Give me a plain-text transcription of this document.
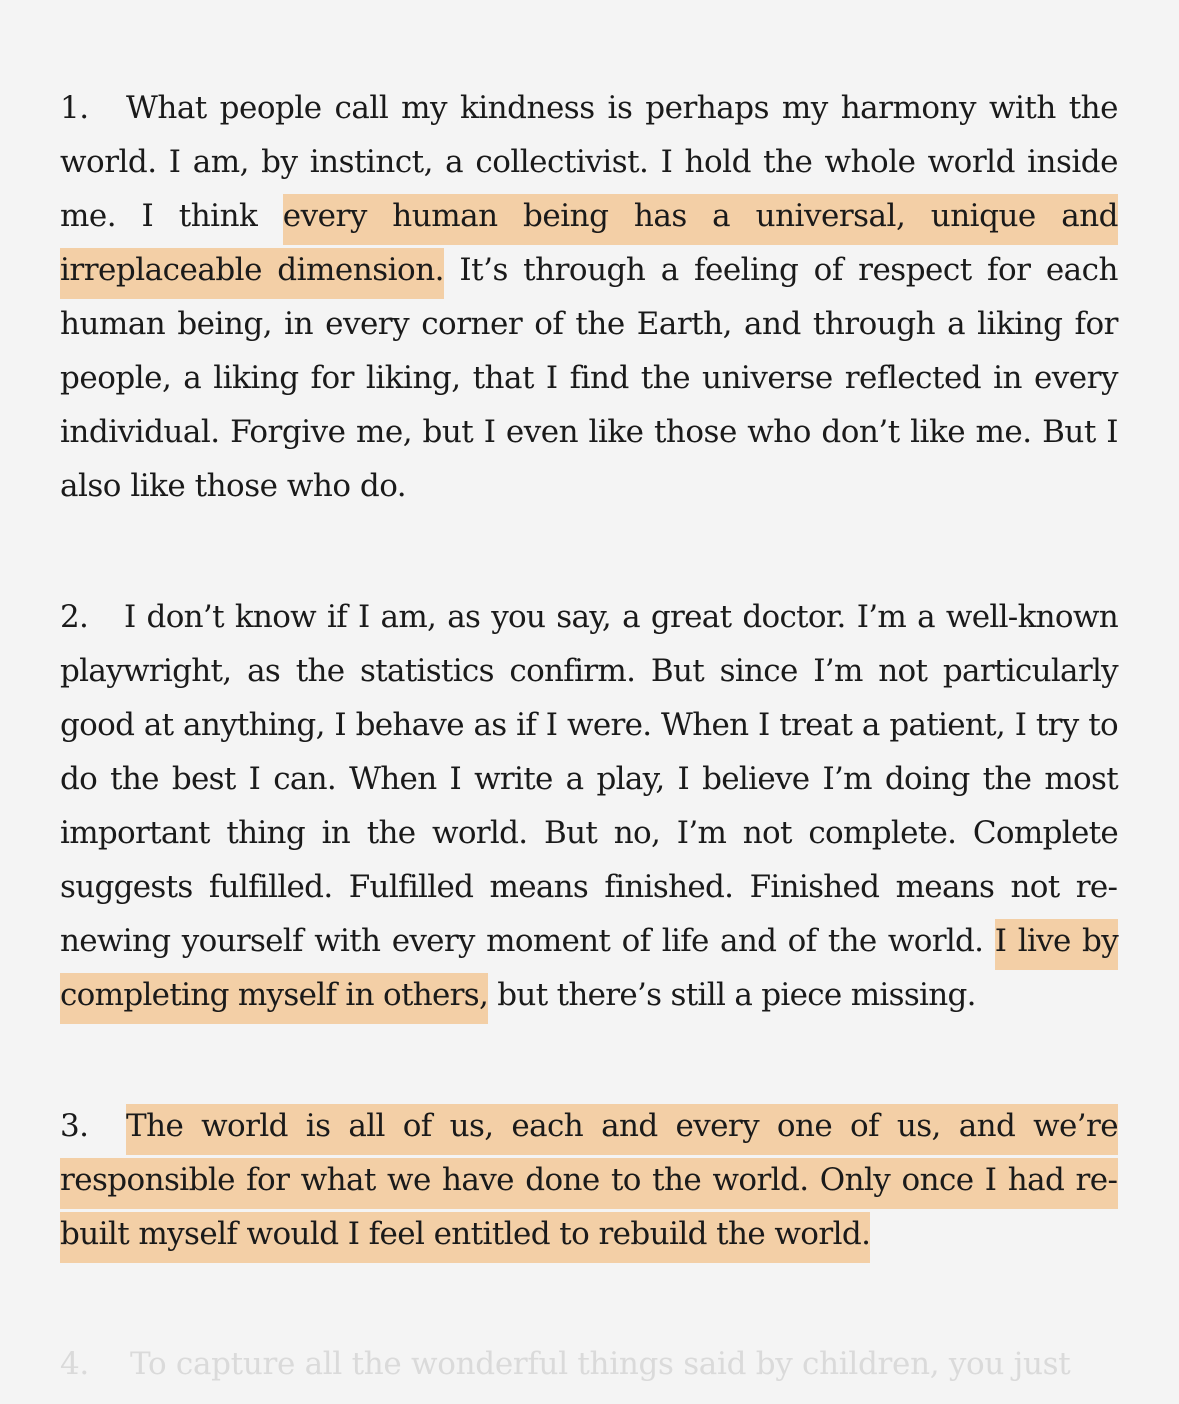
1. What people call my kindness is perhaps my harmony with the world. I am, by instinct, a collectivist. I hold the whole world inside me. I think every human being has a universal, unique and irreplaceable dimension. It’s through a feeling of respect for each human being, in every corner of the Earth, and through a liking for people, a liking for liking, that I find the universe reflected in every individual. Forgive me, but I even like those who don’t like me. But I also like those who do.

2. I don’t know if I am, as you say, a great doctor. I’m a well-known playwright, as the statistics confirm. But since I’m not particularly good at anything, I behave as if I were. When I treat a patient, I try to do the best I can. When I write a play, I believe I’m doing the most important thing in the world. But no, I’m not complete. Complete suggests fulfilled. Fulfilled means finished. Finished means not renewing yourself with every moment of life and of the world. I live by completing myself in others, but there’s still a piece missing.

3. The world is all of us, each and every one of us, and we’re responsible for what we have done to the world. Only once I had rebuilt myself would I feel entitled to rebuild the world.

4. To capture all the wonderful things said by children, you just
